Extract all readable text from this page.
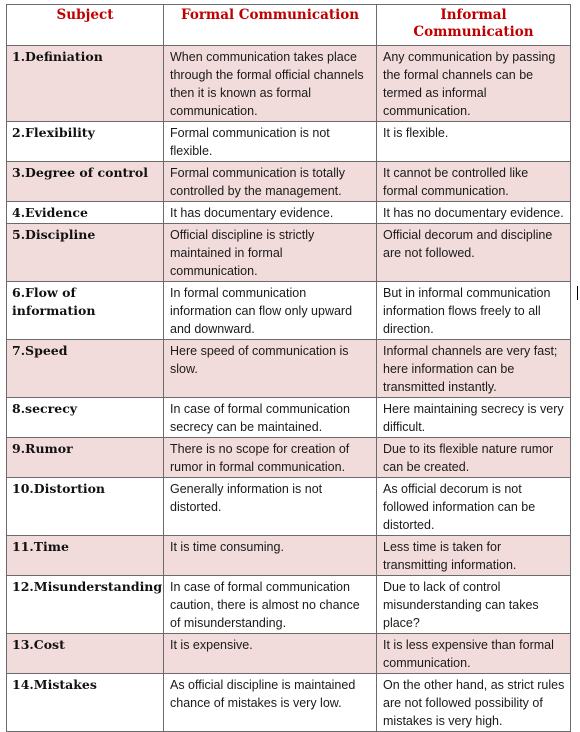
Subject	Formal Communication	Informal Communication
1.Definiation	When communication takes place through the formal official channels then it is known as formal communication.	Any communication by passing the formal channels can be termed as informal communication.
2.Flexibility	Formal communication is not flexible.	It is flexible.
3.Degree of control	Formal communication is totally controlled by the management.	It cannot be controlled like formal communication.
4.Evidence	It has documentary evidence.	It has no documentary evidence.
5.Discipline	Official discipline is strictly maintained in formal communication.	Official decorum and discipline are not followed.
6.Flow of information	In formal communication information can flow only upward and downward.	But in informal communication information flows freely to all direction.
7.Speed	Here speed of communication is slow.	Informal channels are very fast; here information can be transmitted instantly.
8.secrecy	In case of formal communication secrecy can be maintained.	Here maintaining secrecy is very difficult.
9.Rumor	There is no scope for creation of rumor in formal communication.	Due to its flexible nature rumor can be created.
10.Distortion	Generally information is not distorted.	As official decorum is not followed information can be distorted.
11.Time	It is time consuming.	Less time is taken for transmitting information.
12.Misunderstanding	In case of formal communication caution, there is almost no chance of misunderstanding.	Due to lack of control misunderstanding can takes place?
13.Cost	It is expensive.	It is less expensive than formal communication.
14.Mistakes	As official discipline is maintained chance of mistakes is very low.	On the other hand, as strict rules are not followed possibility of mistakes is very high.
